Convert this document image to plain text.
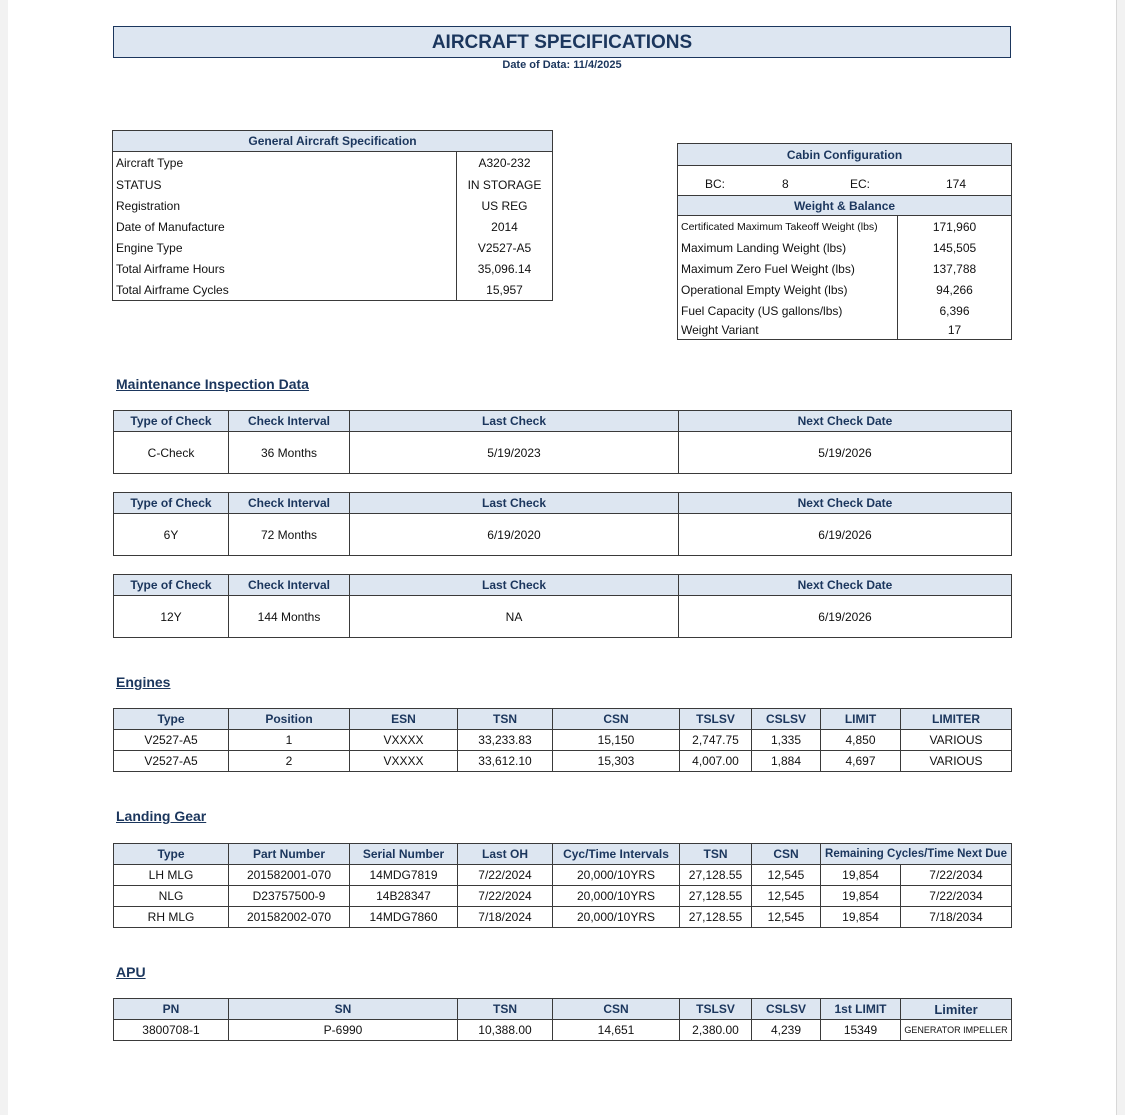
AIRCRAFT SPECIFICATIONS
Date of Data: 11/4/2025
General Aircraft Specification	
Aircraft Type	A320-232
STATUS	IN STORAGE
Registration	US REG
Date of Manufacture	2014
Engine Type	V2527-A5
Total Airframe Hours	35,096.14
Total Airframe Cycles	15,957
Cabin Configuration	

BC: 8 EC: 174	

Weight & Balance	
Certificated Maximum Takeoff Weight (lbs)	171,960
Maximum Landing Weight (lbs)	145,505
Maximum Zero Fuel Weight (lbs)	137,788
Operational Empty Weight (lbs)	94,266
Fuel Capacity (US gallons/lbs)	6,396
Weight Variant	17
Maintenance Inspection Data
Type of Check	Check Interval	Last Check	Next Check Date
C-Check	36 Months	5/19/2023	5/19/2026
Type of Check	Check Interval	Last Check	Next Check Date
6Y	72 Months	6/19/2020	6/19/2026
Type of Check	Check Interval	Last Check	Next Check Date
12Y	144 Months	NA	6/19/2026
Engines
Type	Position	ESN	TSN	CSN	TSLSV	CSLSV	LIMIT	LIMITER
V2527-A5	1	VXXXX	33,233.83	15,150	2,747.75	1,335	4,850	VARIOUS
V2527-A5	2	VXXXX	33,612.10	15,303	4,007.00	1,884	4,697	VARIOUS
Landing Gear
Type	Part Number	Serial Number	Last OH	Cyc/Time Intervals	TSN	CSN	Remaining Cycles/Time Next Due	
LH MLG	201582001-070	14MDG7819	7/22/2024	20,000/10YRS	27,128.55	12,545	19,854	7/22/2034
NLG	D23757500-9	14B28347	7/22/2024	20,000/10YRS	27,128.55	12,545	19,854	7/22/2034
RH MLG	201582002-070	14MDG7860	7/18/2024	20,000/10YRS	27,128.55	12,545	19,854	7/18/2034
APU
PN	SN	TSN	CSN	TSLSV	CSLSV	1st LIMIT	Limiter
3800708-1	P-6990	10,388.00	14,651	2,380.00	4,239	15349	GENERATOR IMPELLER
